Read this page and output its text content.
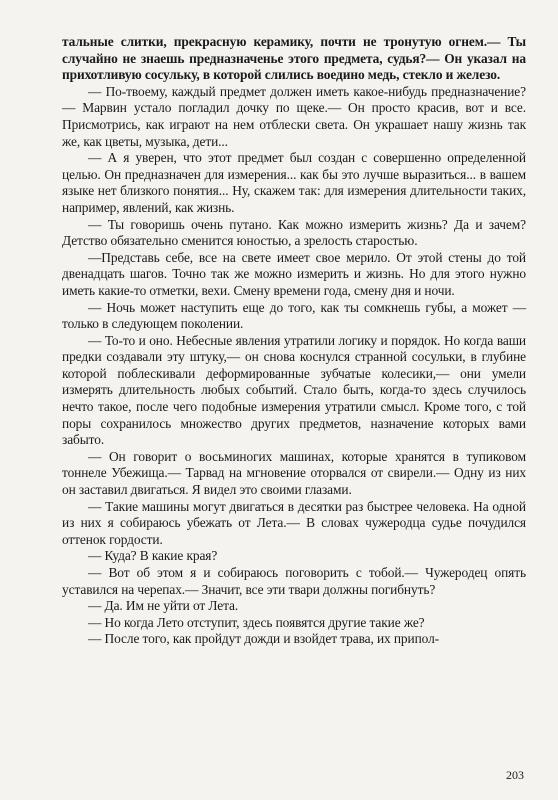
тальные слитки, прекрасную керамику, почти не тронутую огнем.— Ты случайно не знаешь предназначенье этого предмета, судья?— Он указал на прихотливую сосульку, в которой слились воедино медь, стекло и железо.

— По-твоему, каждый предмет должен иметь какое-нибудь предназначение?— Марвин устало погладил дочку по щеке.— Он просто красив, вот и все. Присмотрись, как играют на нем отблески света. Он украшает нашу жизнь так же, как цветы, музыка, дети...

— А я уверен, что этот предмет был создан с совершенно определенной целью. Он предназначен для измерения... как бы это лучше выразиться... в вашем языке нет близкого понятия... Ну, скажем так: для измерения длительности таких, например, явлений, как жизнь.

— Ты говоришь очень путано. Как можно измерить жизнь? Да и зачем? Детство обязательно сменится юностью, а зрелость старостью.

—Представь себе, все на свете имеет свое мерило. От этой стены до той двенадцать шагов. Точно так же можно измерить и жизнь. Но для этого нужно иметь какие-то отметки, вехи. Смену времени года, смену дня и ночи.

— Ночь может наступить еще до того, как ты сомкнешь губы, а может — только в следующем поколении.

— То-то и оно. Небесные явления утратили логику и порядок. Но когда ваши предки создавали эту штуку,— он снова коснулся странной сосульки, в глубине которой поблескивали деформированные зубчатые колесики,— они умели измерять длительность любых событий. Стало быть, когда-то здесь случилось нечто такое, после чего подобные измерения утратили смысл. Кроме того, с той поры сохранилось множество других предметов, назначение которых вами забыто.

— Он говорит о восьминогих машинах, которые хранятся в тупиковом тоннеле Убежища.— Тарвад на мгновение оторвался от свирели.— Одну из них он заставил двигаться. Я видел это своими глазами.

— Такие машины могут двигаться в десятки раз быстрее человека. На одной из них я собираюсь убежать от Лета.— В словах чужеродца судье почудился оттенок гордости.

— Куда? В какие края?

— Вот об этом я и собираюсь поговорить с тобой.— Чужеродец опять уставился на черепах.— Значит, все эти твари должны погибнуть?

— Да. Им не уйти от Лета.

— Но когда Лето отступит, здесь появятся другие такие же?

— После того, как пройдут дожди и взойдет трава, их припол-

203
